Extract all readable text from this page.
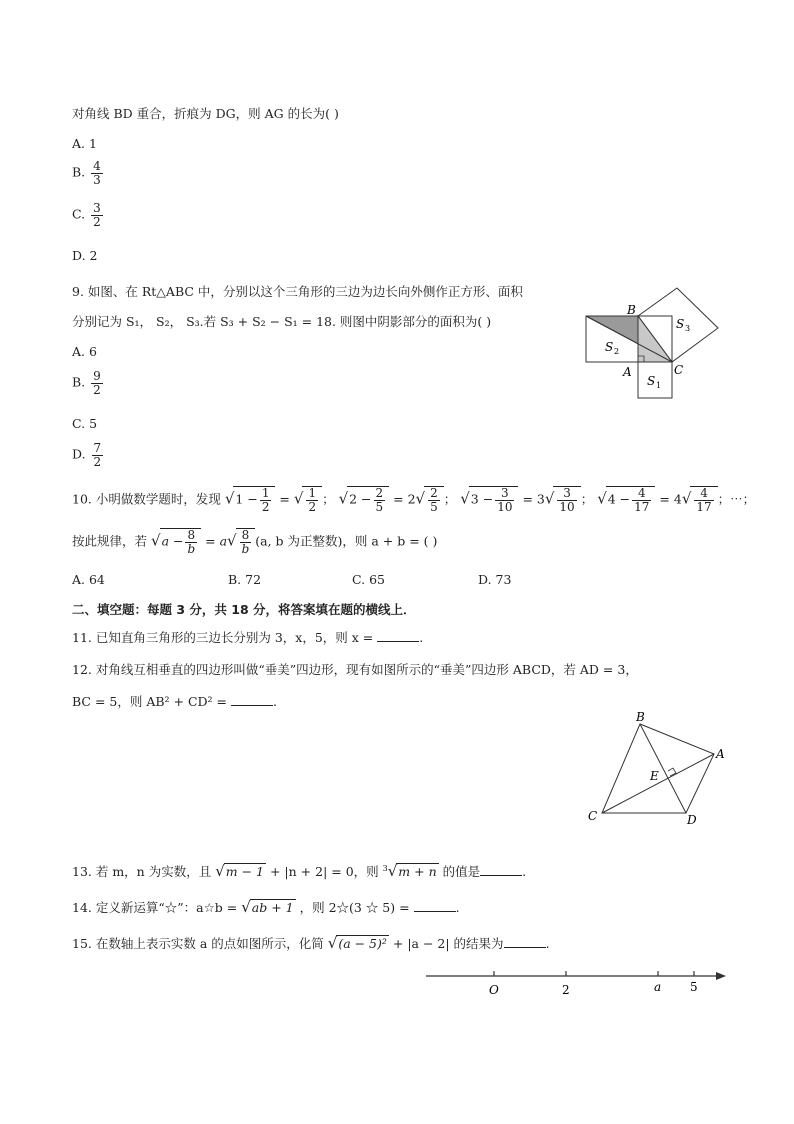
对角线 BD 重合，折痕为 DG，则 AG 的长为( )
A. 1
B. $\frac{4}{3}$
C. $\frac{3}{2}$
D. 2
9. 如图、在 Rt△ABC 中，分别以这个三角形的三边为边长向外侧作正方形、面积
分别记为 S₁， S₂， S₃.若 S₃ + S₂ − S₁ = 18. 则图中阴影部分的面积为( )
A. 6
B. $\frac{9}{2}$
C. 5
D. $\frac{7}{2}$
B
A	C
S 2
S 1
S 3
10. 小明做数学题时，发现 $√1 - \frac{1}{2}$ = √ $\frac{1}{2}$ ； $√2 - \frac{2}{5} = 2√ \frac{2}{5}$ ； $√3 - \frac{3}{10} = 3√ \frac{3}{10}$ ； $√4 - \frac{4}{17} = 4√ \frac{4}{17}$ ；⋯；
按此规律，若 $√a - \frac{8}{b} = a√ \frac{8}{b} (a$, b 为正整数)，则 a + b = ( )
A. 64	B. 72	C. 65	D. 73
二、填空题：每题 3 分，共 18 分，将答案填在题的横线上．
11. 已知直角三角形的三边长分别为 3，x，5，则 x =	.
12. 对角线互相垂直的四边形叫做“垂美”四边形，现有如图所示的“垂美”四边形 ABCD，若 AD = 3，
BC = 5，则 AB² + CD² =	.
B
A
C	D
E
13. 若 m，n 为实数，且 √m − 1 + |n + 2| = 0，则 $^3$√m + n 的值是	.
14. 定义新运算“☆”：a☆b = √ab + 1 ，则 2☆(3 ☆ 5) =	.
15. 在数轴上表示实数 a 的点如图所示，化简 √(a − 5)² + |a − 2| 的结果为	.
O	2	a 5
